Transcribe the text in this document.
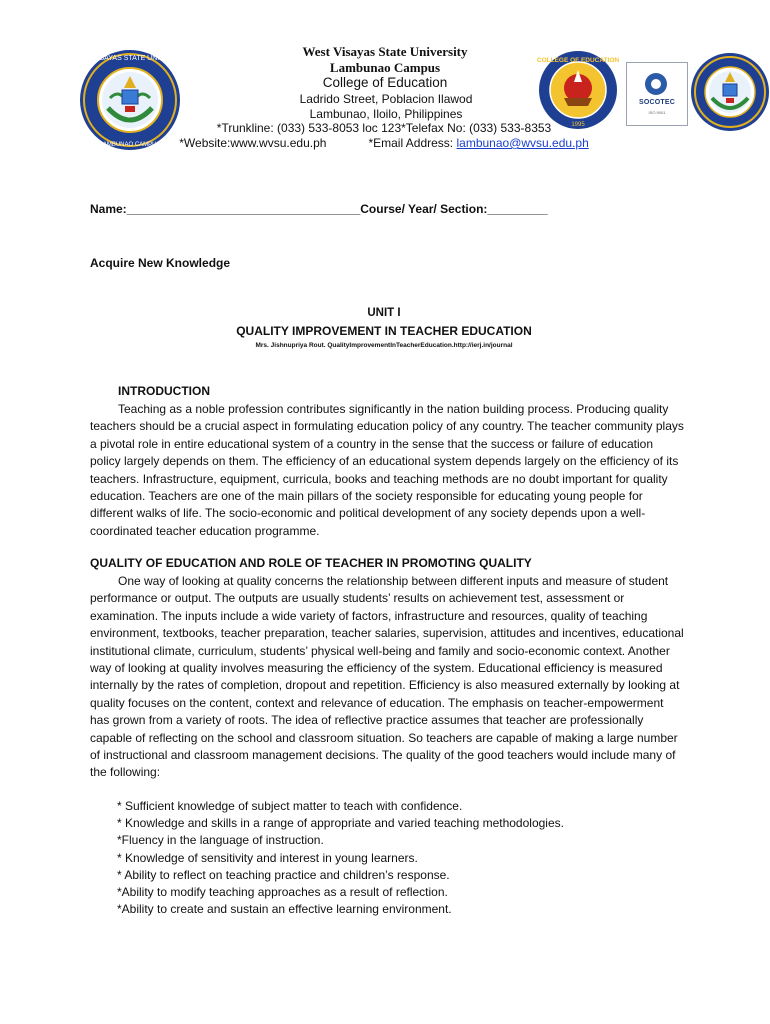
WEST VISAYAS STATE UNIVERSITY
LAMBUNAO CAMPUS
West Visayas State University
Lambunao Campus
College of Education
Ladrido Street, Poblacion Ilawod
Lambunao, Iloilo, Philippines
*Trunkline: (033) 533-8053 loc 123*Telefax No: (033) 533-8353
*Website:www.wvsu.edu.ph	*Email Address: lambunao@wvsu.edu.ph
COLLEGE OF EDUCATION
1995
SOCOTEC
ISO 9001
Name:___________________________________Course/ Year/ Section:_________
Acquire New Knowledge
UNIT I
QUALITY IMPROVEMENT IN TEACHER EDUCATION
Mrs. Jishnupriya Rout. QualityImprovementInTeacherEducation.http://ierj.in/journal
INTRODUCTION

Teaching as a noble profession contributes significantly in the nation building process. Producing quality teachers should be a crucial aspect in formulating education policy of any country. The teacher community plays a pivotal role in entire educational system of a country in the sense that the success or failure of education policy largely depends on them. The efficiency of an educational system depends largely on the efficiency of its teachers. Infrastructure, equipment, curricula, books and teaching methods are no doubt important for quality education. Teachers are one of the main pillars of the society responsible for educating young people for different walks of life. The socio-economic and political development of any society depends upon a well-coordinated teacher education programme.

QUALITY OF EDUCATION AND ROLE OF TEACHER IN PROMOTING QUALITY

One way of looking at quality concerns the relationship between different inputs and measure of student performance or output. The outputs are usually students’ results on achievement test, assessment or examination. The inputs include a wide variety of factors, infrastructure and resources, quality of teaching environment, textbooks, teacher preparation, teacher salaries, supervision, attitudes and incentives, educational institutional climate, curriculum, students’ physical well-being and family and socio-economic context. Another way of looking at quality involves measuring the efficiency of the system. Educational efficiency is measured internally by the rates of completion, dropout and repetition. Efficiency is also measured externally by looking at quality focuses on the content, context and relevance of education. The emphasis on teacher-empowerment has grown from a variety of roots. The idea of reflective practice assumes that teacher are professionally capable of reflecting on the school and classroom situation. So teachers are capable of making a large number of instructional and classroom management decisions. The quality of the good teachers would include many of the following:

* Sufficient knowledge of subject matter to teach with confidence.
* Knowledge and skills in a range of appropriate and varied teaching methodologies.
*Fluency in the language of instruction.
* Knowledge of sensitivity and interest in young learners.
* Ability to reflect on teaching practice and children’s response.
*Ability to modify teaching approaches as a result of reflection.
*Ability to create and sustain an effective learning environment.
